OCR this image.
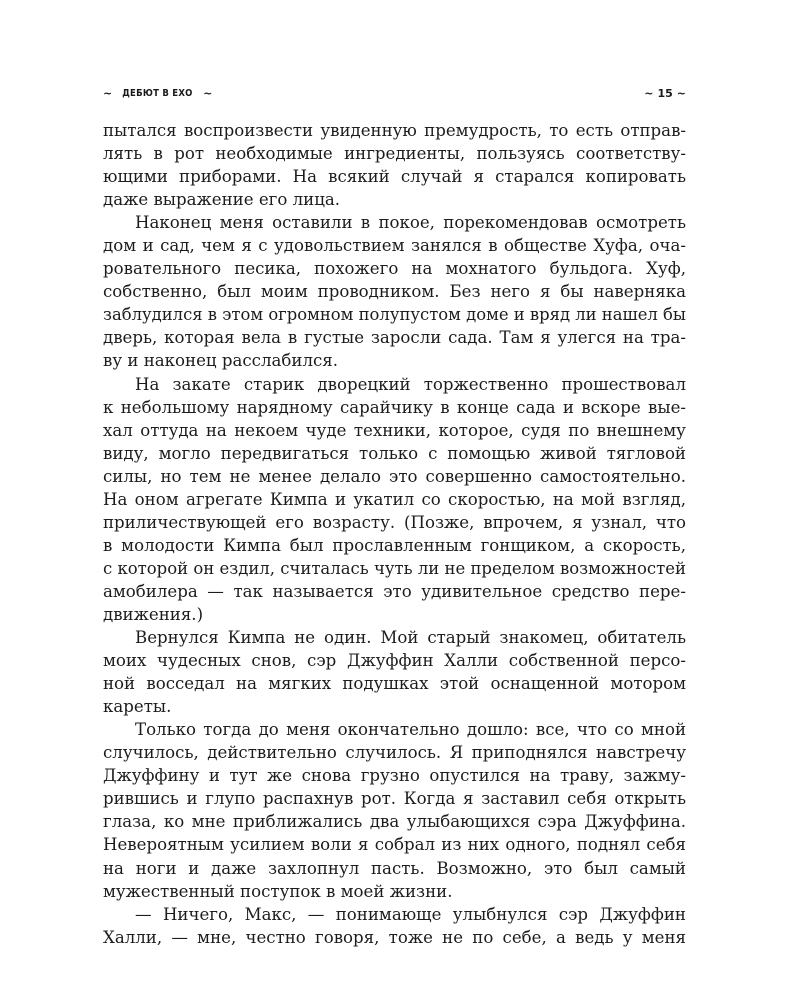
~ ДЕБЮТ В ЕХО ~	~ 15 ~
пытался воспроизвести увиденную премудрость, то есть отправ-
лять в рот необходимые ингредиенты, пользуясь соответству-
ющими приборами. На всякий случай я старался копировать
даже выражение его лица.
Наконец меня оставили в покое, порекомендовав осмотреть
дом и сад, чем я с удовольствием занялся в обществе Хуфа, оча-
ровательного песика, похожего на мохнатого бульдога. Хуф,
собственно, был моим проводником. Без него я бы наверняка
заблудился в этом огромном полупустом доме и вряд ли нашел бы
дверь, которая вела в густые заросли сада. Там я улегся на тра-
ву и наконец расслабился.
На закате старик дворецкий торжественно прошествовал
к небольшому нарядному сарайчику в конце сада и вскоре вые-
хал оттуда на некоем чуде техники, которое, судя по внешнему
виду, могло передвигаться только с помощью живой тягловой
силы, но тем не менее делало это совершенно самостоятельно.
На оном агрегате Кимпа и укатил со скоростью, на мой взгляд,
приличествующей его возрасту. (Позже, впрочем, я узнал, что
в молодости Кимпа был прославленным гонщиком, а скорость,
с которой он ездил, считалась чуть ли не пределом возможностей
амобилера — так называется это удивительное средство пере-
движения.)
Вернулся Кимпа не один. Мой старый знакомец, обитатель
моих чудесных снов, сэр Джуффин Халли собственной персо-
ной восседал на мягких подушках этой оснащенной мотором
кареты.
Только тогда до меня окончательно дошло: все, что со мной
случилось, действительно случилось. Я приподнялся навстречу
Джуффину и тут же снова грузно опустился на траву, зажму-
рившись и глупо распахнув рот. Когда я заставил себя открыть
глаза, ко мне приближались два улыбающихся сэра Джуффина.
Невероятным усилием воли я собрал из них одного, поднял себя
на ноги и даже захлопнул пасть. Возможно, это был самый
мужественный поступок в моей жизни.
— Ничего, Макс, — понимающе улыбнулся сэр Джуффин
Халли, — мне, честно говоря, тоже не по себе, а ведь у меня
